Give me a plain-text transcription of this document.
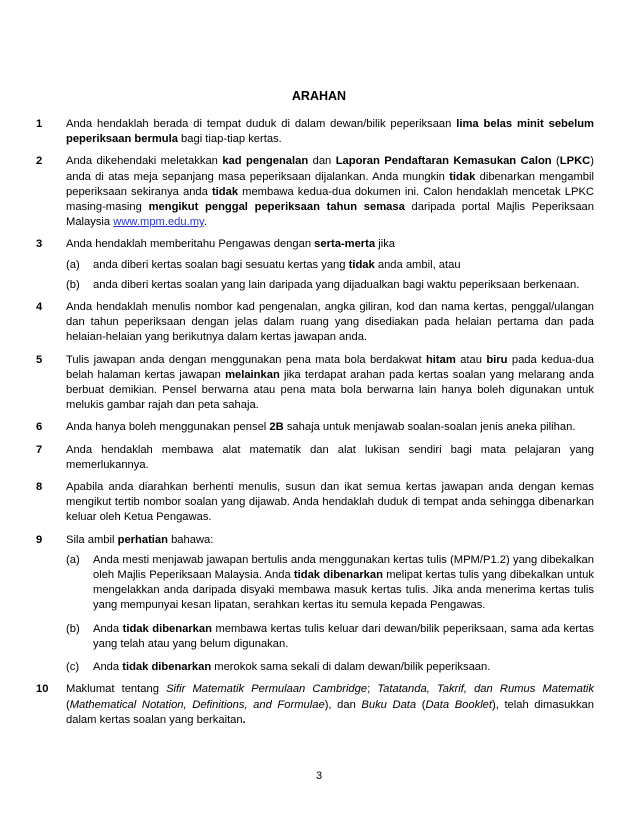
ARAHAN
1	Anda hendaklah berada di tempat duduk di dalam dewan/bilik peperiksaan lima belas minit sebelum peperiksaan bermula bagi tiap-tiap kertas.
2	Anda dikehendaki meletakkan kad pengenalan dan Laporan Pendaftaran Kemasukan Calon (LPKC) anda di atas meja sepanjang masa peperiksaan dijalankan. Anda mungkin tidak dibenarkan mengambil peperiksaan sekiranya anda tidak membawa kedua-dua dokumen ini. Calon hendaklah mencetak LPKC masing-masing mengikut penggal peperiksaan tahun semasa daripada portal Majlis Peperiksaan Malaysia www.mpm.edu.my.
3	Anda hendaklah memberitahu Pengawas dengan serta-merta jika
(a)	anda diberi kertas soalan bagi sesuatu kertas yang tidak anda ambil, atau
(b)	anda diberi kertas soalan yang lain daripada yang dijadualkan bagi waktu peperiksaan berkenaan.
4	Anda hendaklah menulis nombor kad pengenalan, angka giliran, kod dan nama kertas, penggal/ulangan dan tahun peperiksaan dengan jelas dalam ruang yang disediakan pada helaian pertama dan pada helaian-helaian yang berikutnya dalam kertas jawapan anda.
5	Tulis jawapan anda dengan menggunakan pena mata bola berdakwat hitam atau biru pada kedua-dua belah halaman kertas jawapan melainkan jika terdapat arahan pada kertas soalan yang melarang anda berbuat demikian. Pensel berwarna atau pena mata bola berwarna lain hanya boleh digunakan untuk melukis gambar rajah dan peta sahaja.
6	Anda hanya boleh menggunakan pensel 2B sahaja untuk menjawab soalan-soalan jenis aneka pilihan.
7	Anda hendaklah membawa alat matematik dan alat lukisan sendiri bagi mata pelajaran yang memerlukannya.
8	Apabila anda diarahkan berhenti menulis, susun dan ikat semua kertas jawapan anda dengan kemas mengikut tertib nombor soalan yang dijawab. Anda hendaklah duduk di tempat anda sehingga dibenarkan keluar oleh Ketua Pengawas.
9	Sila ambil perhatian bahawa:
(a)	Anda mesti menjawab jawapan bertulis anda menggunakan kertas tulis (MPM/P1.2) yang dibekalkan oleh Majlis Peperiksaan Malaysia. Anda tidak dibenarkan melipat kertas tulis yang dibekalkan untuk mengelakkan anda daripada disyaki membawa masuk kertas tulis. Jika anda menerima kertas tulis yang mempunyai kesan lipatan, serahkan kertas itu semula kepada Pengawas.
(b)	Anda tidak dibenarkan membawa kertas tulis keluar dari dewan/bilik peperiksaan, sama ada kertas yang telah atau yang belum digunakan.
(c)	Anda tidak dibenarkan merokok sama sekali di dalam dewan/bilik peperiksaan.
10	Maklumat tentang Sifir Matematik Permulaan Cambridge; Tatatanda, Takrif, dan Rumus Matematik (Mathematical Notation, Definitions, and Formulae), dan Buku Data (Data Booklet), telah dimasukkan dalam kertas soalan yang berkaitan.
3
